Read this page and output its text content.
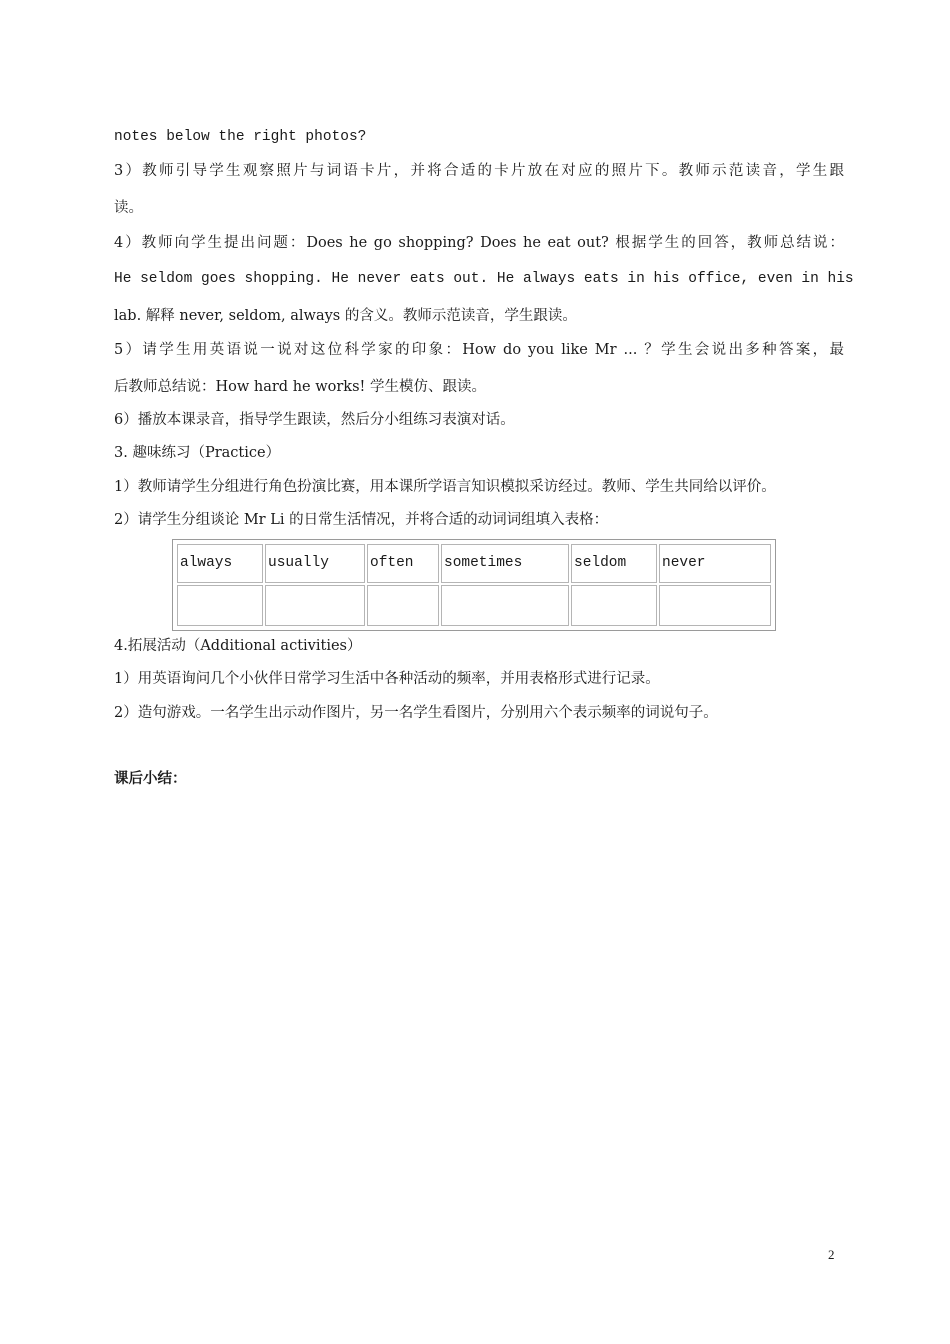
notes below the right photos?
3）教师引导学生观察照片与词语卡片，并将合适的卡片放在对应的照片下。教师示范读音，学生跟
读。
4）教师向学生提出问题：Does he go shopping? Does he eat out? 根据学生的回答，教师总结说：
He seldom goes shopping. He never eats out. He always eats in his office, even in his
lab. 解释 never, seldom, always 的含义。教师示范读音，学生跟读。
5）请学生用英语说一说对这位科学家的印象：How do you like Mr ... ？学生会说出多种答案，最
后教师总结说：How hard he works! 学生模仿、跟读。
6）播放本课录音，指导学生跟读，然后分小组练习表演对话。
3. 趣味练习（Practice）
1）教师请学生分组进行角色扮演比赛，用本课所学语言知识模拟采访经过。教师、学生共同给以评价。
2）请学生分组谈论 Mr Li 的日常生活情况，并将合适的动词词组填入表格：
always	usually	often	sometimes	seldom	never

4.拓展活动（Additional activities）
1）用英语询问几个小伙伴日常学习生活中各种活动的频率，并用表格形式进行记录。
2）造句游戏。一名学生出示动作图片，另一名学生看图片，分别用六个表示频率的词说句子。
课后小结：
2
